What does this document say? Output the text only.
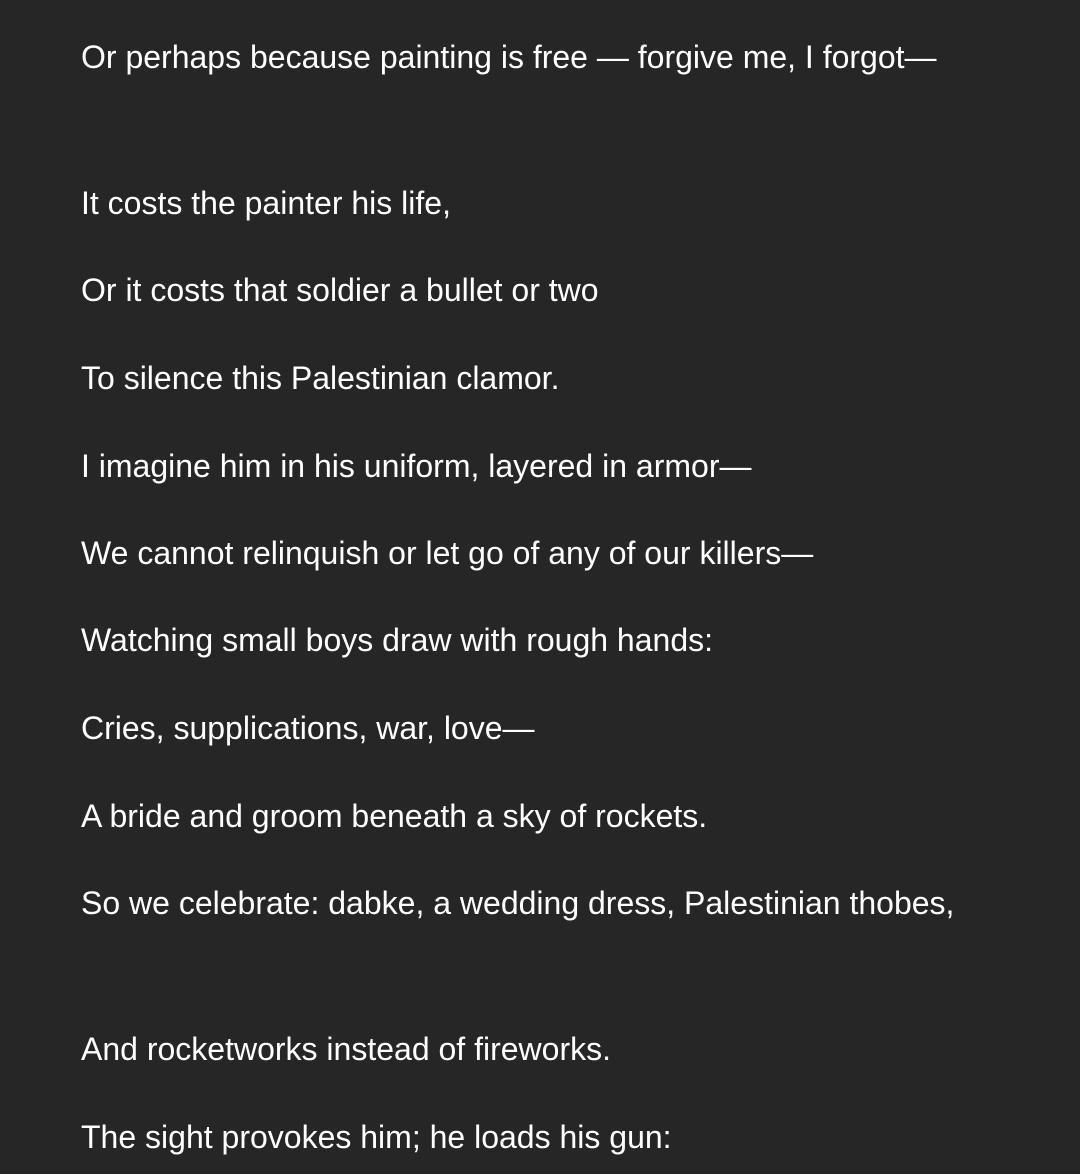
Or perhaps because painting is free — forgive me, I forgot—

It costs the painter his life,

Or it costs that soldier a bullet or two

To silence this Palestinian clamor.

I imagine him in his uniform, layered in armor—

We cannot relinquish or let go of any of our killers—

Watching small boys draw with rough hands:

Cries, supplications, war, love—

A bride and groom beneath a sky of rockets.

So we celebrate: dabke, a wedding dress, Palestinian thobes,

And rocketworks instead of fireworks.

The sight provokes him; he loads his gun:
